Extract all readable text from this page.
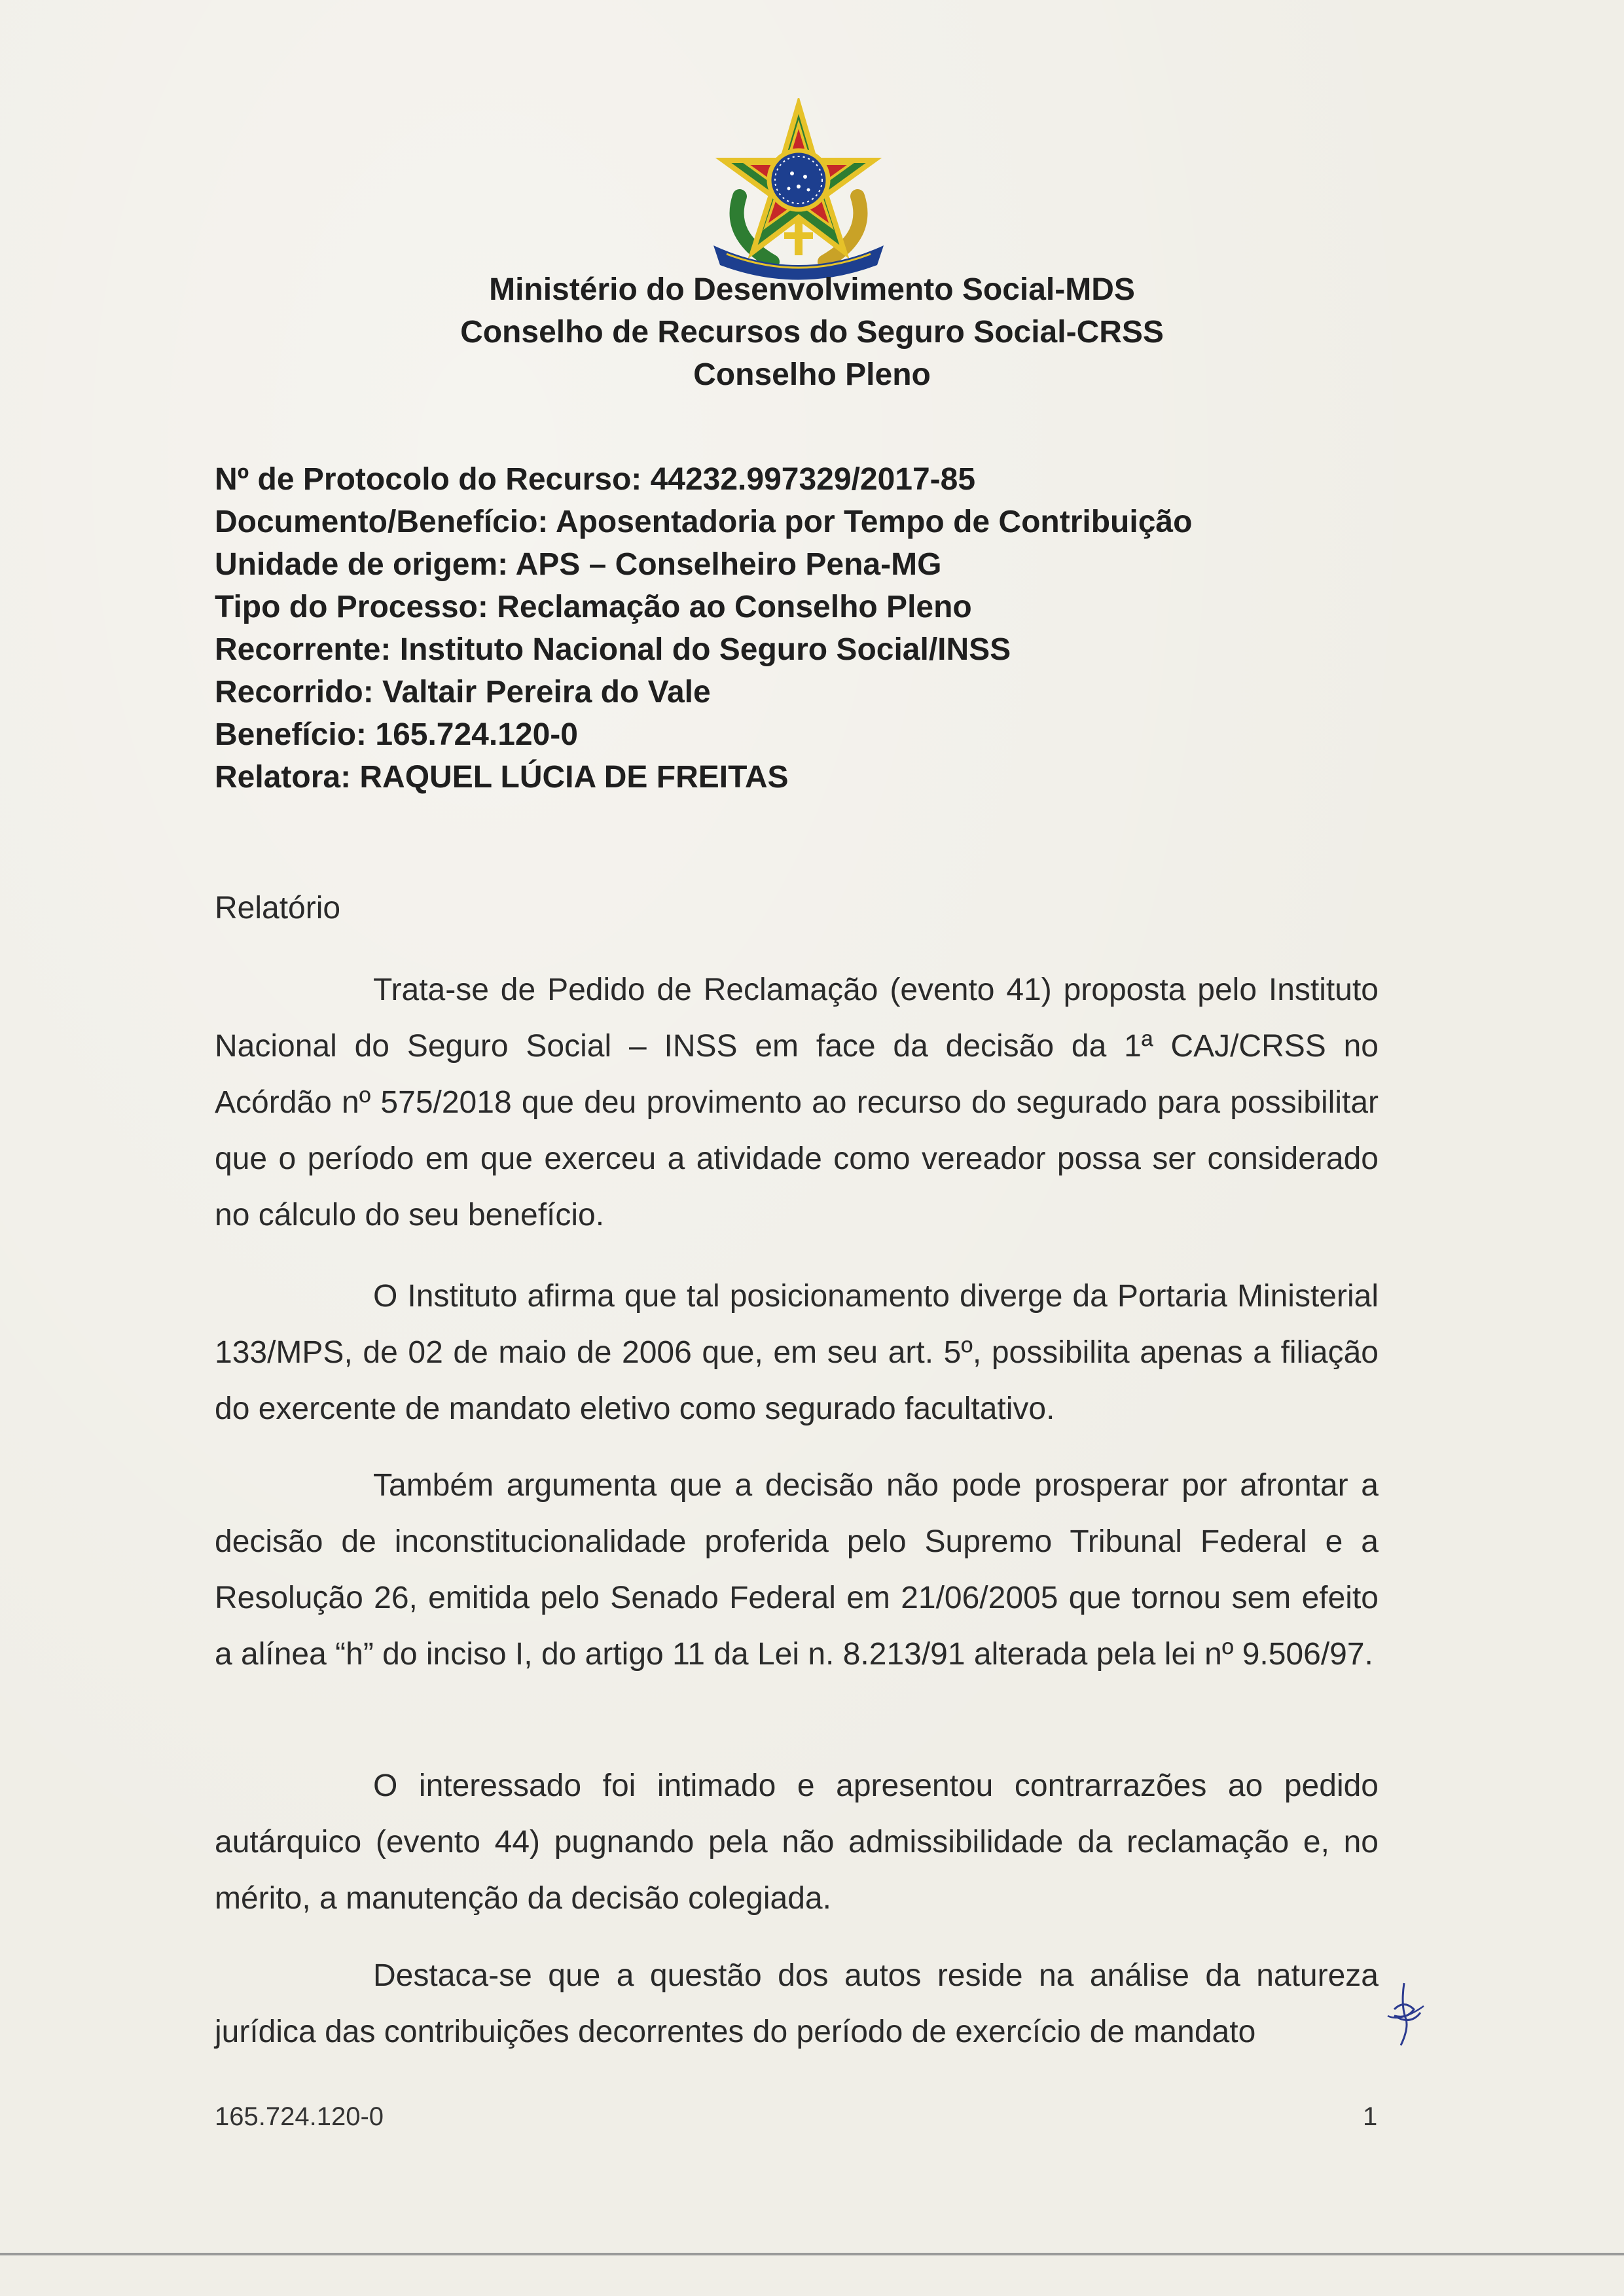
Ministério do Desenvolvimento Social-MDS
Conselho de Recursos do Seguro Social-CRSS
Conselho Pleno
Nº de Protocolo do Recurso: 44232.997329/2017-85
Documento/Benefício: Aposentadoria por Tempo de Contribuição
Unidade de origem: APS – Conselheiro Pena-MG
Tipo do Processo: Reclamação ao Conselho Pleno
Recorrente: Instituto Nacional do Seguro Social/INSS
Recorrido: Valtair Pereira do Vale
Benefício: 165.724.120-0
Relatora: RAQUEL LÚCIA DE FREITAS
Relatório

Trata-se de Pedido de Reclamação (evento 41) proposta pelo Instituto Nacional do Seguro Social – INSS em face da decisão da 1ª CAJ/CRSS no Acórdão nº 575/2018 que deu provimento ao recurso do segurado para possibilitar que o período em que exerceu a atividade como vereador possa ser considerado no cálculo do seu benefício.

O Instituto afirma que tal posicionamento diverge da Portaria Ministerial 133/MPS, de 02 de maio de 2006 que, em seu art. 5º, possibilita apenas a filiação do exercente de mandato eletivo como segurado facultativo.

Também argumenta que a decisão não pode prosperar por afrontar a decisão de inconstitucionalidade proferida pelo Supremo Tribunal Federal e a Resolução 26, emitida pelo Senado Federal em 21/06/2005 que tornou sem efeito a alínea “h” do inciso I, do artigo 11 da Lei n. 8.213/91 alterada pela lei nº 9.506/97.

O interessado foi intimado e apresentou contrarrazões ao pedido autárquico (evento 44) pugnando pela não admissibilidade da reclamação e, no mérito, a manutenção da decisão colegiada.

Destaca-se que a questão dos autos reside na análise da natureza jurídica das contribuições decorrentes do período de exercício de mandato

165.724.120-0	1
